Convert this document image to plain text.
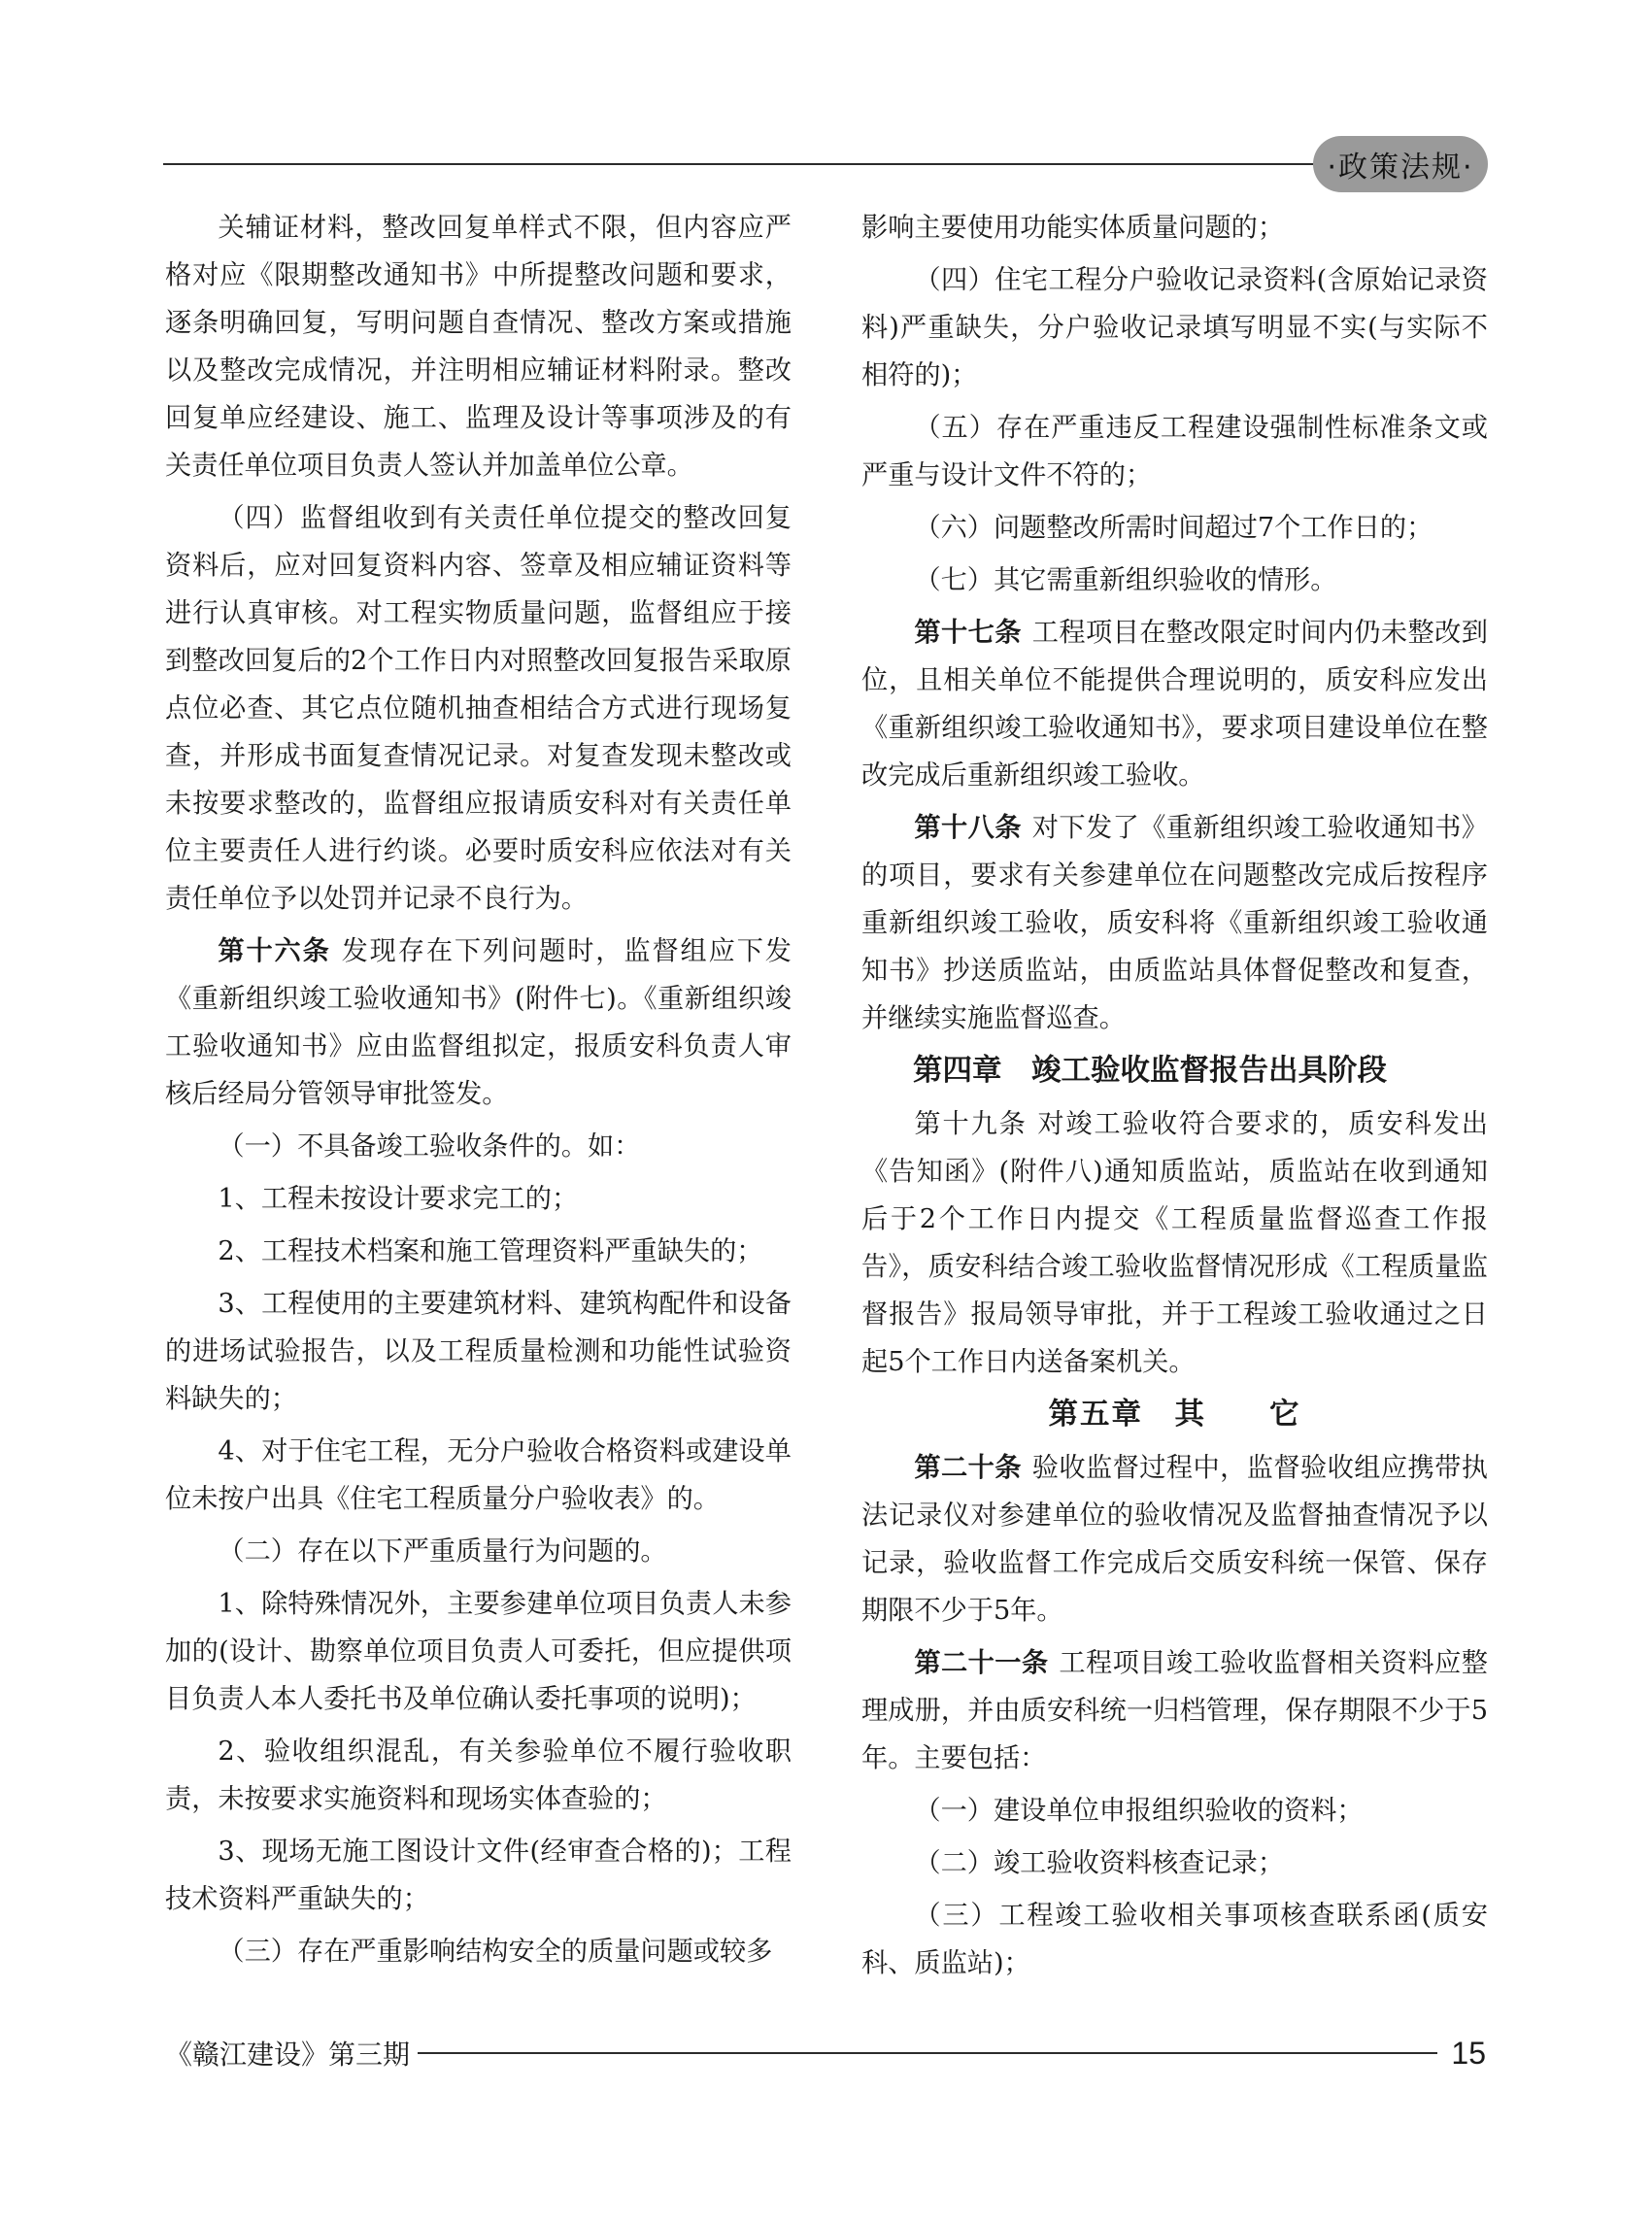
·政策法规·

关辅证材料，整改回复单样式不限，但内容应严格对应《限期整改通知书》中所提整改问题和要求，逐条明确回复，写明问题自查情况、整改方案或措施以及整改完成情况，并注明相应辅证材料附录。整改回复单应经建设、施工、监理及设计等事项涉及的有关责任单位项目负责人签认并加盖单位公章。

（四）监督组收到有关责任单位提交的整改回复资料后，应对回复资料内容、签章及相应辅证资料等进行认真审核。对工程实物质量问题，监督组应于接到整改回复后的2个工作日内对照整改回复报告采取原点位必查、其它点位随机抽查相结合方式进行现场复查，并形成书面复查情况记录。对复查发现未整改或未按要求整改的，监督组应报请质安科对有关责任单位主要责任人进行约谈。必要时质安科应依法对有关责任单位予以处罚并记录不良行为。

第十六条 发现存在下列问题时，监督组应下发《重新组织竣工验收通知书》(附件七)。《重新组织竣工验收通知书》应由监督组拟定，报质安科负责人审核后经局分管领导审批签发。

（一）不具备竣工验收条件的。如：

1、工程未按设计要求完工的；

2、工程技术档案和施工管理资料严重缺失的；

3、工程使用的主要建筑材料、建筑构配件和设备的进场试验报告，以及工程质量检测和功能性试验资料缺失的；

4、对于住宅工程，无分户验收合格资料或建设单位未按户出具《住宅工程质量分户验收表》的。

（二）存在以下严重质量行为问题的。

1、除特殊情况外，主要参建单位项目负责人未参加的(设计、勘察单位项目负责人可委托，但应提供项目负责人本人委托书及单位确认委托事项的说明)；

2、验收组织混乱，有关参验单位不履行验收职责，未按要求实施资料和现场实体查验的；

3、现场无施工图设计文件(经审查合格的)；工程技术资料严重缺失的；

（三）存在严重影响结构安全的质量问题或较多

影响主要使用功能实体质量问题的；

（四）住宅工程分户验收记录资料(含原始记录资料)严重缺失，分户验收记录填写明显不实(与实际不相符的)；

（五）存在严重违反工程建设强制性标准条文或严重与设计文件不符的；

（六）问题整改所需时间超过7个工作日的；

（七）其它需重新组织验收的情形。

第十七条 工程项目在整改限定时间内仍未整改到位，且相关单位不能提供合理说明的，质安科应发出《重新组织竣工验收通知书》，要求项目建设单位在整改完成后重新组织竣工验收。

第十八条 对下发了《重新组织竣工验收通知书》的项目，要求有关参建单位在问题整改完成后按程序重新组织竣工验收，质安科将《重新组织竣工验收通知书》抄送质监站，由质监站具体督促整改和复查，并继续实施监督巡查。

第四章　竣工验收监督报告出具阶段

第十九条 对竣工验收符合要求的，质安科发出《告知函》(附件八)通知质监站，质监站在收到通知后于2个工作日内提交《工程质量监督巡查工作报告》，质安科结合竣工验收监督情况形成《工程质量监督报告》报局领导审批，并于工程竣工验收通过之日起5个工作日内送备案机关。

第五章　其　　它

第二十条 验收监督过程中，监督验收组应携带执法记录仪对参建单位的验收情况及监督抽查情况予以记录，验收监督工作完成后交质安科统一保管、保存期限不少于5年。

第二十一条 工程项目竣工验收监督相关资料应整理成册，并由质安科统一归档管理，保存期限不少于5年。主要包括：

（一）建设单位申报组织验收的资料；

（二）竣工验收资料核查记录；

（三）工程竣工验收相关事项核查联系函(质安科、质监站)；

《赣江建设》第三期	15
